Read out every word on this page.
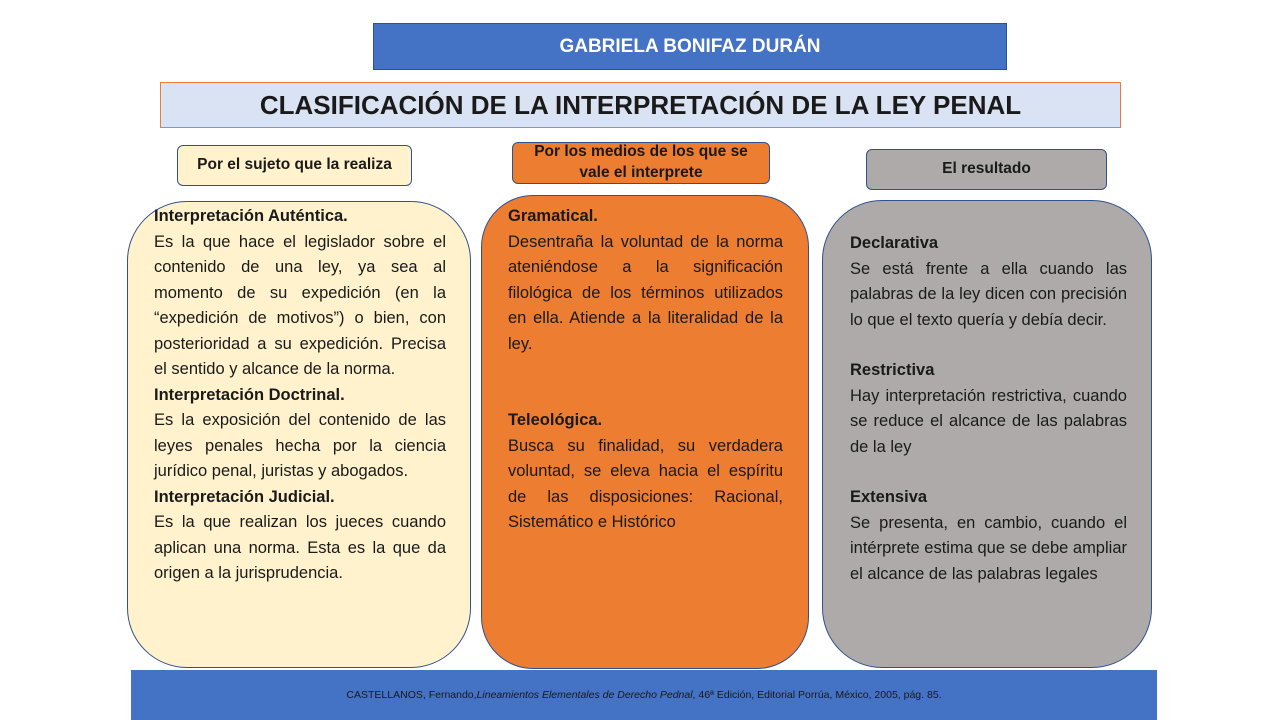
GABRIELA BONIFAZ DURÁN
CLASIFICACIÓN DE LA INTERPRETACIÓN DE LA LEY PENAL
Por el sujeto que la realiza
Por los medios de los que se vale el interprete	El resultado

Interpretación Auténtica.

Es la que hace el legislador sobre el contenido de una ley, ya sea al momento de su expedición (en la “expedición de motivos”) o bien, con posterioridad a su expedición. Precisa el sentido y alcance de la norma.

Interpretación Doctrinal.

Es la exposición del contenido de las leyes penales hecha por la ciencia jurídico penal, juristas y abogados.

Interpretación Judicial.

Es la que realizan los jueces cuando aplican una norma. Esta es la que da origen a la jurisprudencia.

Gramatical.

Desentraña la voluntad de la norma ateniéndose a la significación filológica de los términos utilizados en ella. Atiende a la literalidad de la ley.

Teleológica.

Busca su finalidad, su verdadera voluntad, se eleva hacia el espíritu de las disposiciones: Racional, Sistemático e Histórico

Declarativa

Se está frente a ella cuando las palabras de la ley dicen con precisión lo que el texto quería y debía decir.

Restrictiva

Hay interpretación restrictiva, cuando se reduce el alcance de las palabras de la ley

Extensiva

Se presenta, en cambio, cuando el intérprete estima que se debe ampliar el alcance de las palabras legales

CASTELLANOS, Fernando, Lineamientos Elementales de Derecho Pednal , 46ª Edición, Editorial Porrúa, México, 2005, pág. 85.
